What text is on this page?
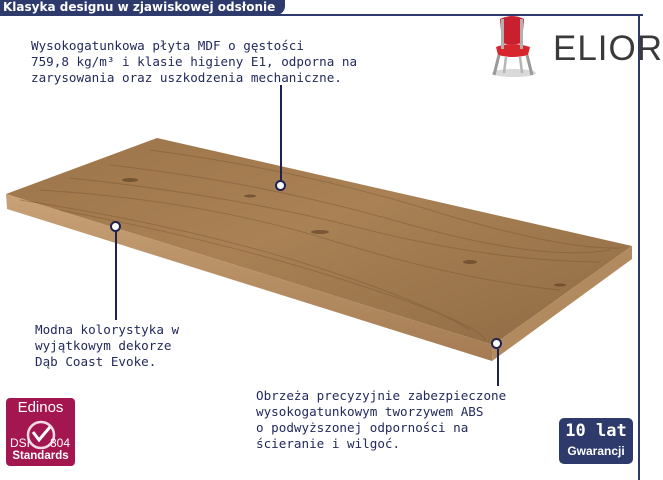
Klasyka designu w zjawiskowej odsłonie
ELIOR
Wysokogatunkowa płyta MDF o gęstości
759,8 kg/m³ i klasie higieny E1, odporna na
zarysowania oraz uszkodzenia mechaniczne.
Modna kolorystyka w
wyjątkowym dekorze
Dąb Coast Evoke.
Obrzeża precyzyjnie zabezpieczone
wysokogatunkowym tworzywem ABS
o podwyższonej odporności na
ścieranie i wilgoć.
Edinos
DSI 804
Standards
10 lat
Gwarancji
